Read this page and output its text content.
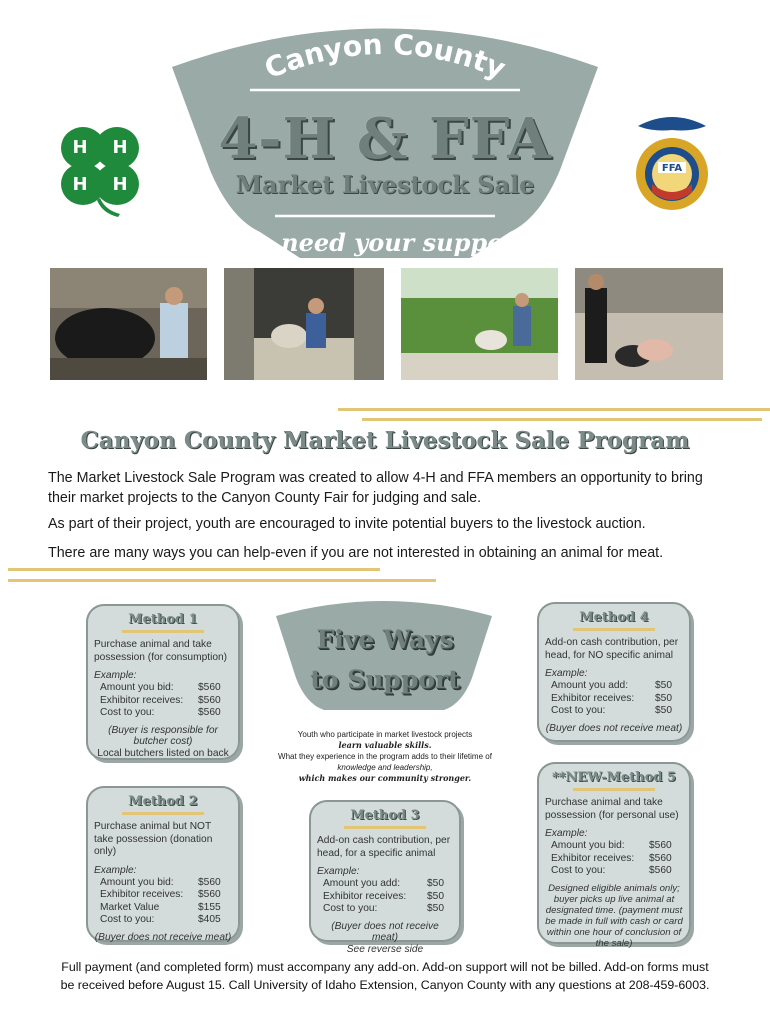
Canyon County
4-H & FFA
Market Livestock Sale
We need your support!
H H
H H
FFA
Canyon County Market Livestock Sale Program
The Market Livestock Sale Program was created to allow 4-H and FFA members an opportunity to bring their market projects to the Canyon County Fair for judging and sale.
As part of their project, youth are encouraged to invite potential buyers to the livestock auction.
There are many ways you can help-even if you are not interested in obtaining an animal for meat.
Five Ways
to Support
Youth who participate in market livestock projects
learn valuable skills.
What they experience in the program adds to their lifetime of
knowledge and leadership,
which makes our community stronger.
Method 1
Purchase animal and take possession (for consumption)
Example:
Amount you bid:	$560
Exhibitor receives:	$560
Cost to you:	$560
(Buyer is responsible for butcher cost)
Local butchers listed on back
Method 2
Purchase animal but NOT take possession (donation only)
Example:
Amount you bid:	$560
Exhibitor receives:	$560
Market Value	$155
Cost to you:	$405
(Buyer does not receive meat)
Method 3
Add-on cash contribution, per head, for a specific animal
Example:
Amount you add:	$50
Exhibitor receives:	$50
Cost to you:	$50
(Buyer does not receive meat)
See reverse side
Method 4
Add-on cash contribution, per head, for NO specific animal
Example:
Amount you add:	$50
Exhibitor receives:	$50
Cost to you:	$50
(Buyer does not receive meat)
**NEW-Method 5
Purchase animal and take possession (for personal use)
Example:
Amount you bid:	$560
Exhibitor receives:	$560
Cost to you:	$560
Designed eligible animals only; buyer picks up live animal at designated time. (payment must be made in full with cash or card within one hour of conclusion of the sale)
Full payment (and completed form) must accompany any add-on. Add-on support will not be billed. Add-on forms must
be received before August 15. Call University of Idaho Extension, Canyon County with any questions at 208-459-6003.
